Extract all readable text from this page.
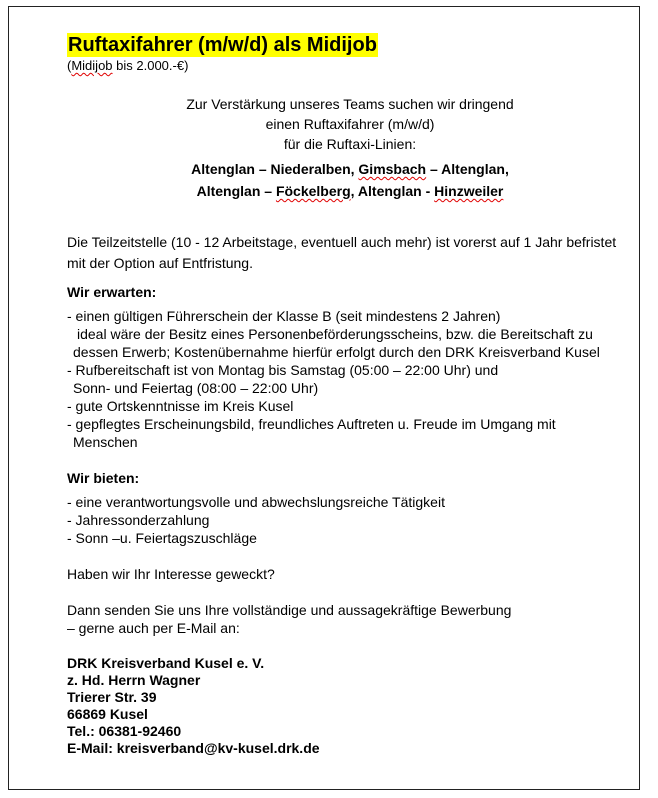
Ruftaxifahrer (m/w/d) als Midijob
(Midijob bis 2.000.-€)
Zur Verstärkung unseres Teams suchen wir dringend
einen Ruftaxifahrer (m/w/d)
für die Ruftaxi-Linien:
Altenglan – Niederalben, Gimsbach – Altenglan,
Altenglan – Föckelberg, Altenglan - Hinzweiler
Die Teilzeitstelle (10 - 12 Arbeitstage, eventuell auch mehr) ist vorerst auf 1 Jahr befristet
mit der Option auf Entfristung.
Wir erwarten:
- einen gültigen Führerschein der Klasse B (seit mindestens 2 Jahren)
ideal wäre der Besitz eines Personenbeförderungsscheins, bzw. die Bereitschaft zu
dessen Erwerb; Kostenübernahme hierfür erfolgt durch den DRK Kreisverband Kusel
- Rufbereitschaft ist von Montag bis Samstag (05:00 – 22:00 Uhr) und
Sonn- und Feiertag (08:00 – 22:00 Uhr)
- gute Ortskenntnisse im Kreis Kusel
- gepflegtes Erscheinungsbild, freundliches Auftreten u. Freude im Umgang mit
Menschen
Wir bieten:
- eine verantwortungsvolle und abwechslungsreiche Tätigkeit
- Jahressonderzahlung
- Sonn –u. Feiertagszuschläge
Haben wir Ihr Interesse geweckt?
Dann senden Sie uns Ihre vollständige und aussagekräftige Bewerbung
– gerne auch per E-Mail an:
DRK Kreisverband Kusel e. V.
z. Hd. Herrn Wagner
Trierer Str. 39
66869 Kusel
Tel.: 06381-92460
E-Mail: kreisverband@kv-kusel.drk.de
